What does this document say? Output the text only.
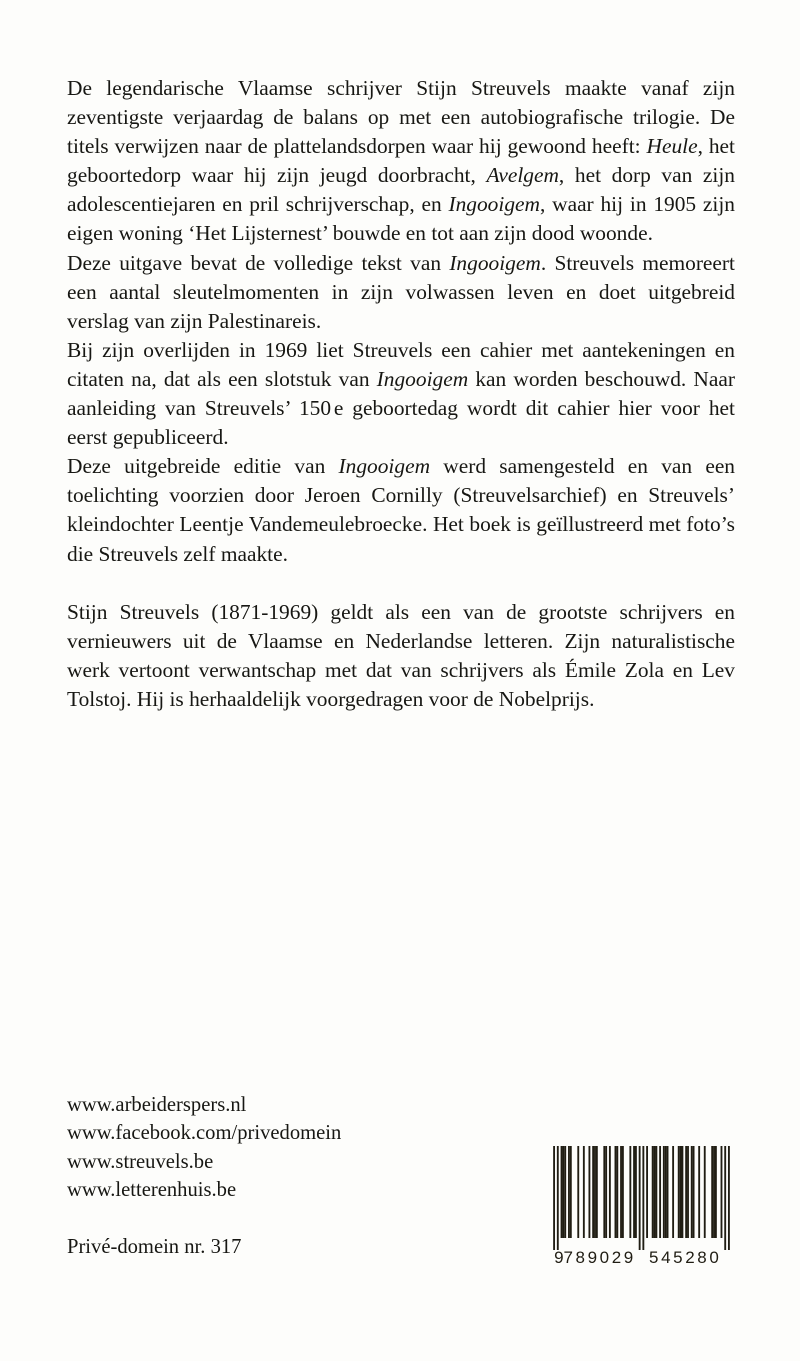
De legendarische Vlaamse schrijver Stijn Streuvels maakte vanaf zijn zeventigste verjaardag de balans op met een autobiografische trilogie. De titels verwijzen naar de plattelandsdorpen waar hij gewoond heeft: Heule, het geboortedorp waar hij zijn jeugd doorbracht, Avelgem, het dorp van zijn adolescentiejaren en pril schrijverschap, en Ingooigem, waar hij in 1905 zijn eigen woning ‘Het Lijsternest’ bouwde en tot aan zijn dood woonde.

Deze uitgave bevat de volledige tekst van Ingooigem. Streuvels memoreert een aantal sleutelmomenten in zijn volwassen leven en doet uitgebreid verslag van zijn Palestinareis.

Bij zijn overlijden in 1969 liet Streuvels een cahier met aantekeningen en citaten na, dat als een slotstuk van Ingooigem kan worden beschouwd. Naar aanleiding van Streuvels’ 150 e geboortedag wordt dit cahier hier voor het eerst gepubliceerd.

Deze uitgebreide editie van Ingooigem werd samengesteld en van een toelichting voorzien door Jeroen Cornilly (Streuvelsarchief) en Streuvels’ kleindochter Leentje Vandemeulebroecke. Het boek is geïllustreerd met foto’s die Streuvels zelf maakte.

Stijn Streuvels (1871-1969) geldt als een van de grootste schrijvers en vernieuwers uit de Vlaamse en Nederlandse letteren. Zijn naturalistische werk vertoont verwantschap met dat van schrijvers als Émile Zola en Lev Tolstoj. Hij is herhaaldelijk voorgedragen voor de Nobelprijs.

www.arbeiderspers.nl
www.facebook.com/privedomein
www.streuvels.be
www.letterenhuis.be
Privé-domein nr. 317	9 789029 545280
